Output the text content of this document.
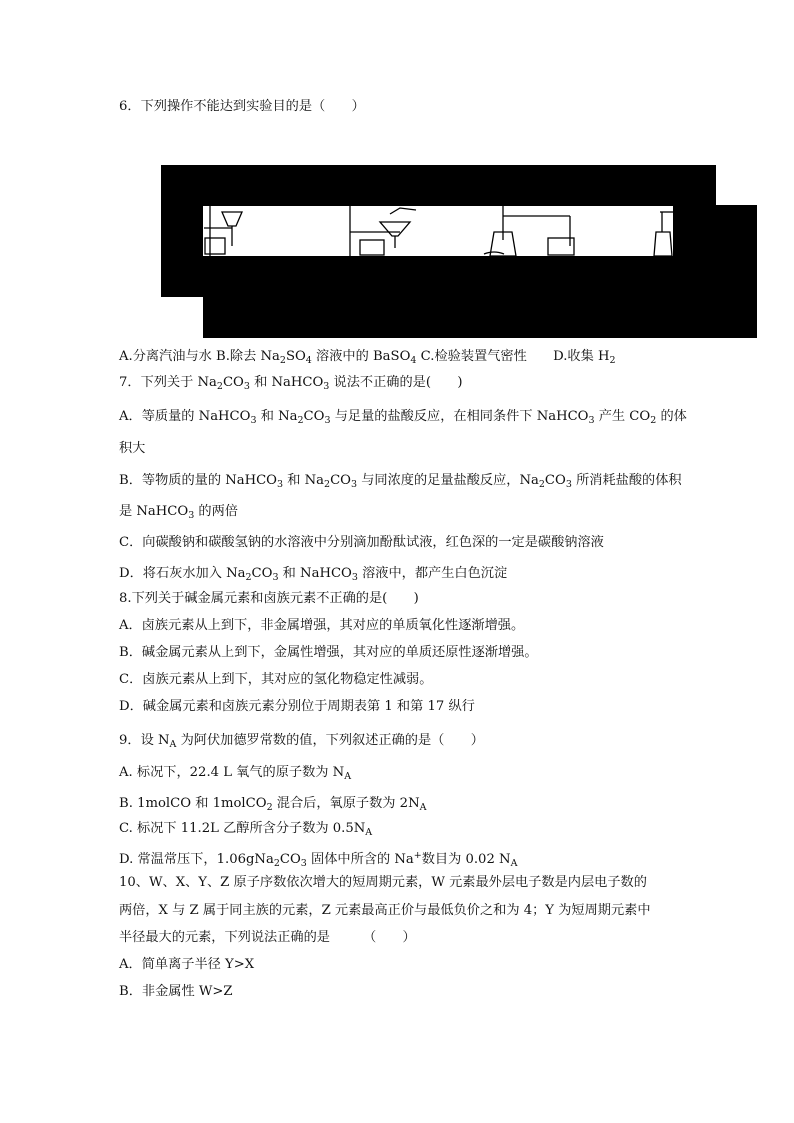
6．下列操作不能达到实验目的是（　　）
A.分离汽油与水 B.除去 $Na_2SO_4$ 溶液中的 BaSO$_4$ C.检验装置气密性　　D.收集 $H_2$
7．下列关于 $Na_2CO_3$ 和 NaHCO$_3$ 说法不正确的是(　　)
A．等质量的 NaHCO$_3$ 和 $Na_2CO_3$ 与足量的盐酸反应，在相同条件下 NaHCO$_3$ 产生 $CO_2$ 的体
积大
B．等物质的量的 NaHCO$_3$ 和 $Na_2CO_3$ 与同浓度的足量盐酸反应，$Na_2CO_3$ 所消耗盐酸的体积
是 NaHCO$_3$ 的两倍
C．向碳酸钠和碳酸氢钠的水溶液中分别滴加酚酞试液，红色深的一定是碳酸钠溶液
D．将石灰水加入 $Na_2CO_3$ 和 NaHCO$_3$ 溶液中，都产生白色沉淀
8.下列关于碱金属元素和卤族元素不正确的是(　　)
A．卤族元素从上到下，非金属增强，其对应的单质氧化性逐渐增强。
B．碱金属元素从上到下，金属性增强，其对应的单质还原性逐渐增强。
C．卤族元素从上到下，其对应的氢化物稳定性减弱。
D．碱金属元素和卤族元素分别位于周期表第 1 和第 17 纵行
9．设 $N_A$ 为阿伏加德罗常数的值，下列叙述正确的是（　　）
A. 标况下，22.4 L 氧气的原子数为 $N_A$
B. 1molCO 和 1molCO$_2$ 混合后，氧原子数为 $2N_A$
C. 标况下 11.2L 乙醇所含分子数为 $0.5N_A$
D. 常温常压下，$1.06gNa_2CO_3$ 固体中所含的 Na+数目为 0.02 $N_A$
10、W、X、Y、Z 原子序数依次增大的短周期元素，W 元素最外层电子数是内层电子数的
两倍，X 与 Z 属于同主族的元素，Z 元素最高正价与最低负价之和为 4；Y 为短周期元素中
半径最大的元素，下列说法正确的是　　　（　　）
A．简单离子半径 Y>X
B．非金属性 W>Z
